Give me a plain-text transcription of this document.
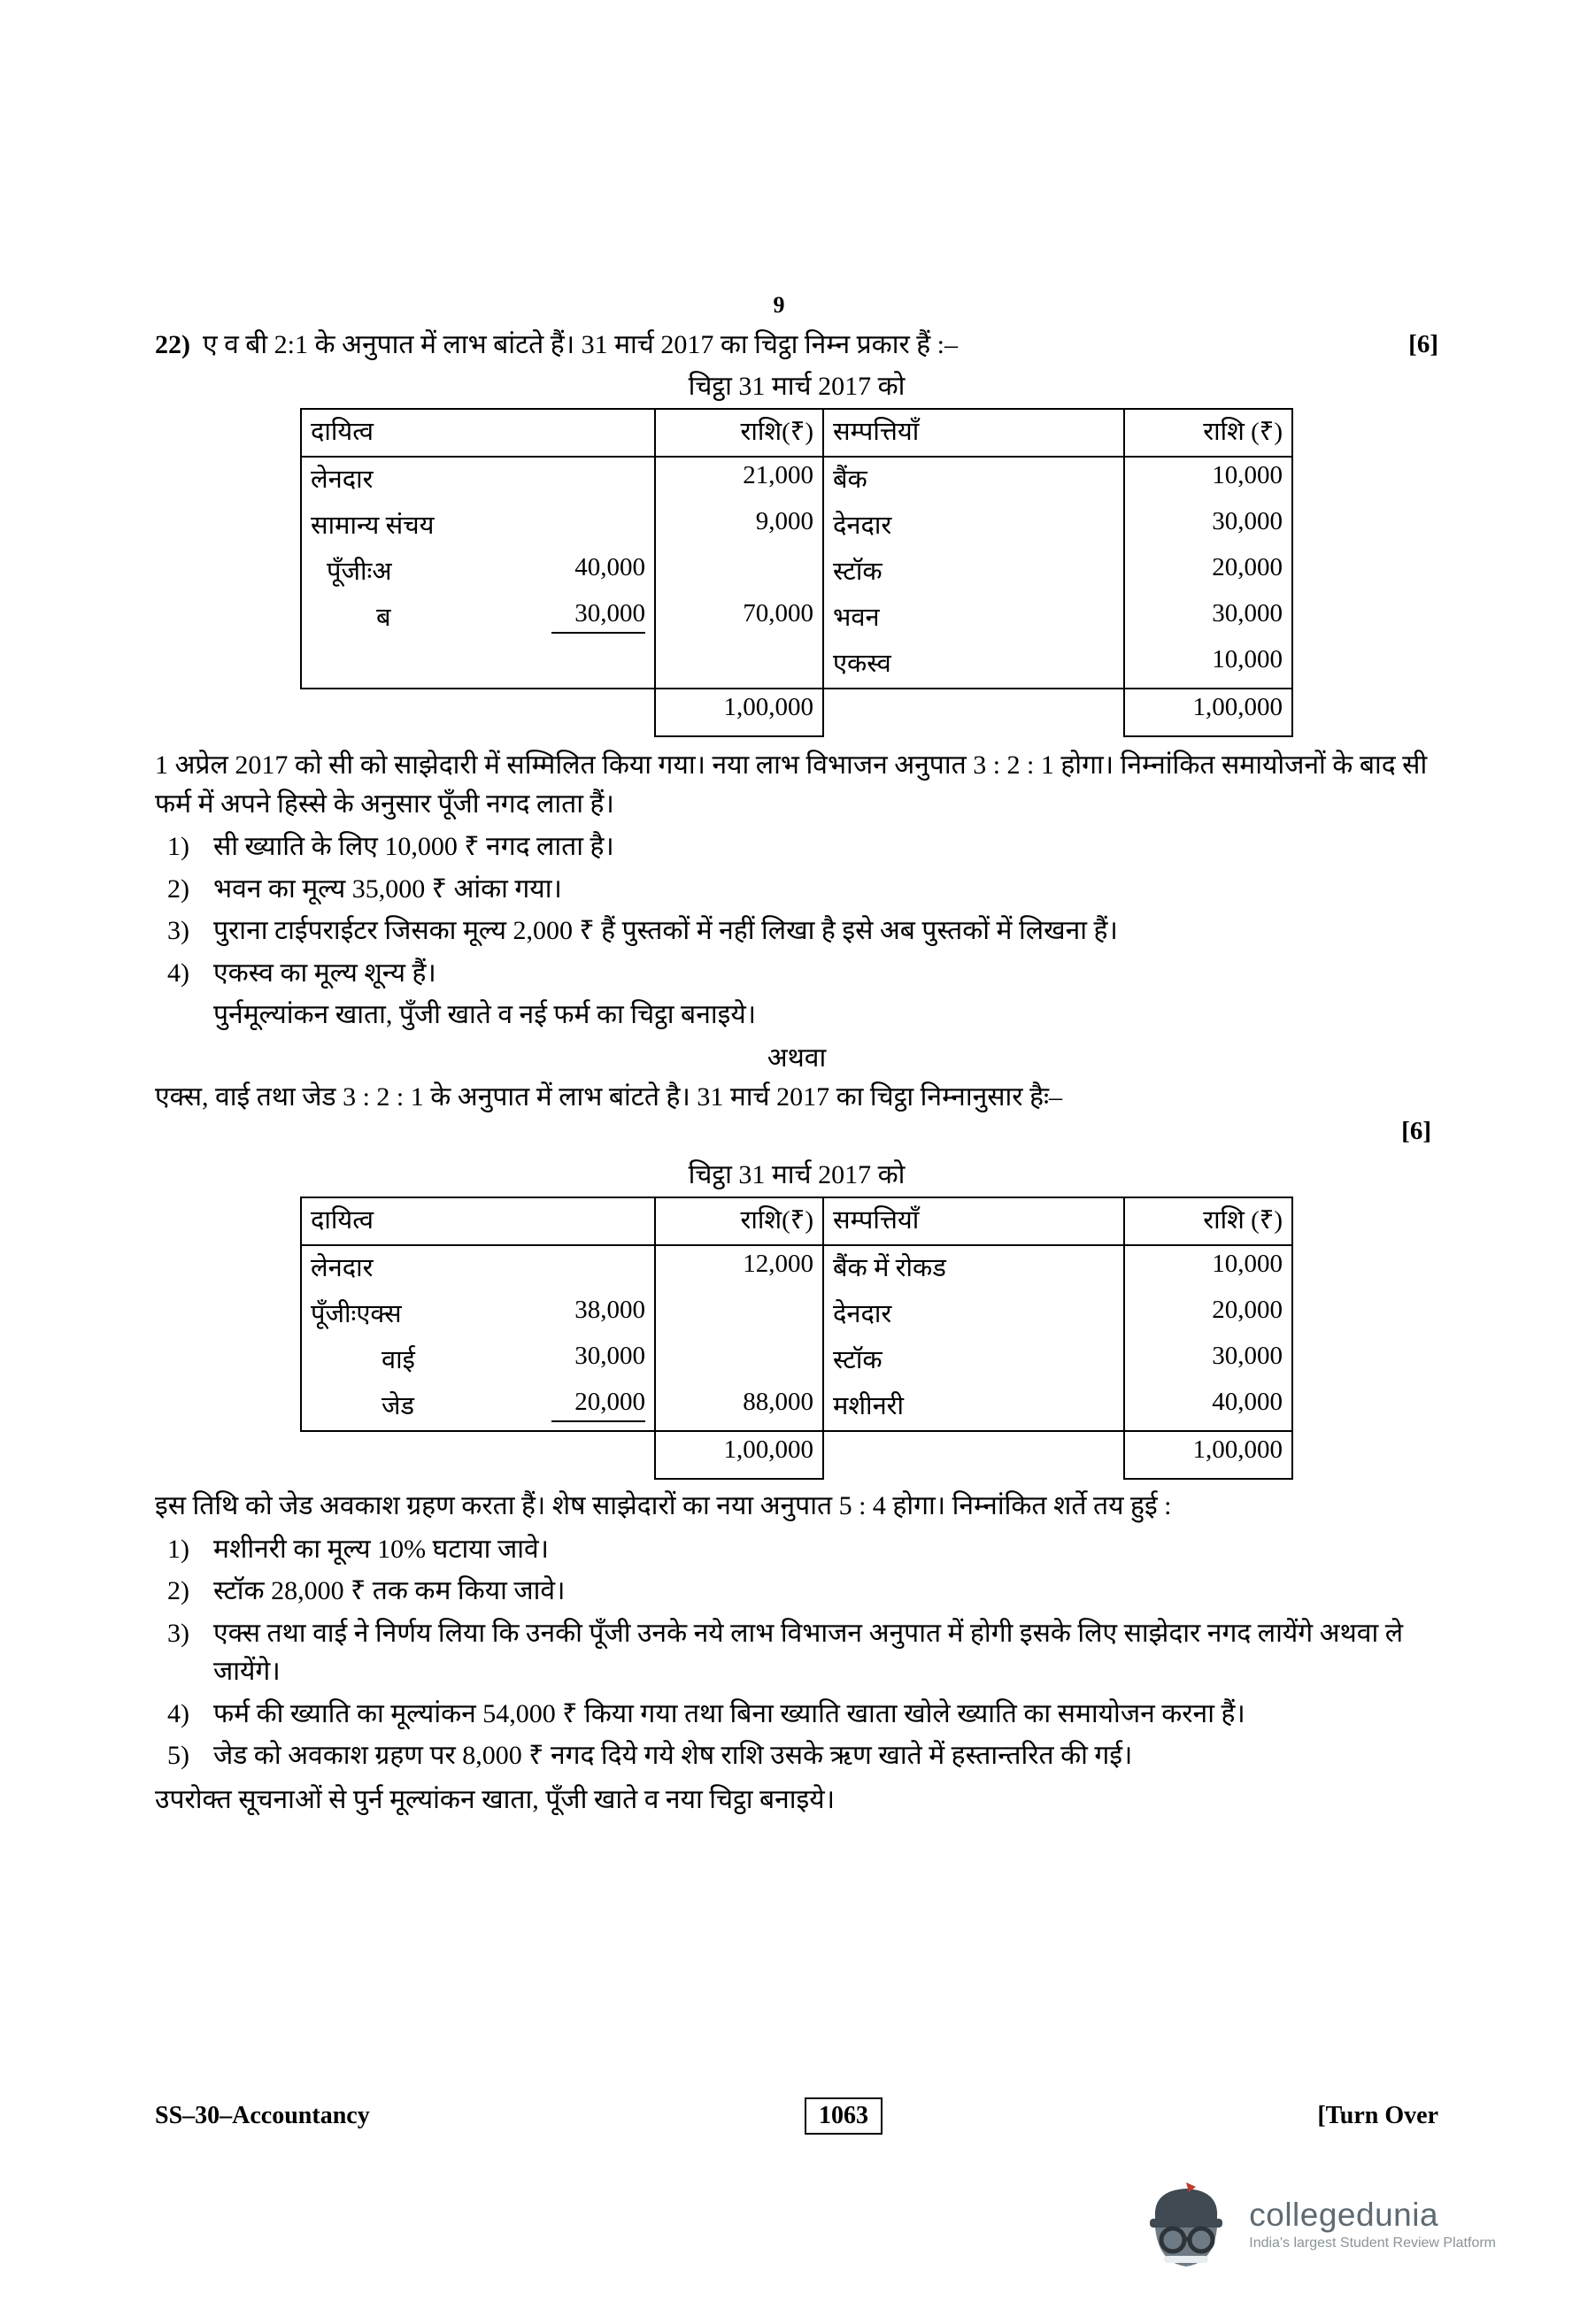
9
22) ए व बी 2:1 के अनुपात में लाभ बांटते हैं। 31 मार्च 2017 का चिट्ठा निम्न प्रकार हैं :–	[6]
चिट्ठा 31 मार्च 2017 को
दायित्व	राशि(₹)	सम्पत्तियाँ	राशि (₹)
लेनदार	21,000	बैंक	10,000
सामान्य संचय	9,000	देनदार	30,000

पूँजीःअ 40,000		स्टॉक	20,000

ब 30,000	70,000	भवन	30,000
		एकस्व	10,000
	1,00,000		1,00,000
1 अप्रेल 2017 को सी को साझेदारी में सम्मिलित किया गया। नया लाभ विभाजन अनुपात 3 : 2 : 1 होगा। निम्नांकित समायोजनों के बाद सी फर्म में अपने हिस्से के अनुसार पूँजी नगद लाता हैं।
1) सी ख्याति के लिए 10,000 ₹ नगद लाता है।
2) भवन का मूल्य 35,000 ₹ आंका गया।
3) पुराना टाईपराईटर जिसका मूल्य 2,000 ₹ हैं पुस्तकों में नहीं लिखा है इसे अब पुस्तकों में लिखना हैं।
4) एकस्व का मूल्य शून्य हैं।
पुर्नमूल्यांकन खाता, पुँजी खाते व नई फर्म का चिट्ठा बनाइये।
अथवा
एक्स, वाई तथा जेड 3 : 2 : 1 के अनुपात में लाभ बांटते है। 31 मार्च 2017 का चिट्ठा निम्नानुसार हैः–
[6]
चिट्ठा 31 मार्च 2017 को
दायित्व	राशि(₹)	सम्पत्तियाँ	राशि (₹)
लेनदार	12,000	बैंक में रोकड	10,000

पूँजीःएक्स 38,000		देनदार	20,000

वाई 30,000		स्टॉक	30,000

जेड 20,000	88,000	मशीनरी	40,000
	1,00,000		1,00,000
इस तिथि को जेड अवकाश ग्रहण करता हैं। शेष साझेदारों का नया अनुपात 5 : 4 होगा। निम्नांकित शर्ते तय हुई :
1) मशीनरी का मूल्य 10% घटाया जावे।
2) स्टॉक 28,000 ₹ तक कम किया जावे।
3) एक्स तथा वाई ने निर्णय लिया कि उनकी पूँजी उनके नये लाभ विभाजन अनुपात में होगी इसके लिए साझेदार नगद लायेंगे अथवा ले जायेंगे।
4) फर्म की ख्याति का मूल्यांकन 54,000 ₹ किया गया तथा बिना ख्याति खाता खोले ख्याति का समायोजन करना हैं।
5) जेड को अवकाश ग्रहण पर 8,000 ₹ नगद दिये गये शेष राशि उसके ऋण खाते में हस्तान्तरित की गई।
उपरोक्त सूचनाओं से पुर्न मूल्यांकन खाता, पूँजी खाते व नया चिट्ठा बनाइये।
SS–30–Accountancy	1063	[Turn Over
collegedunia
India's largest Student Review Platform
